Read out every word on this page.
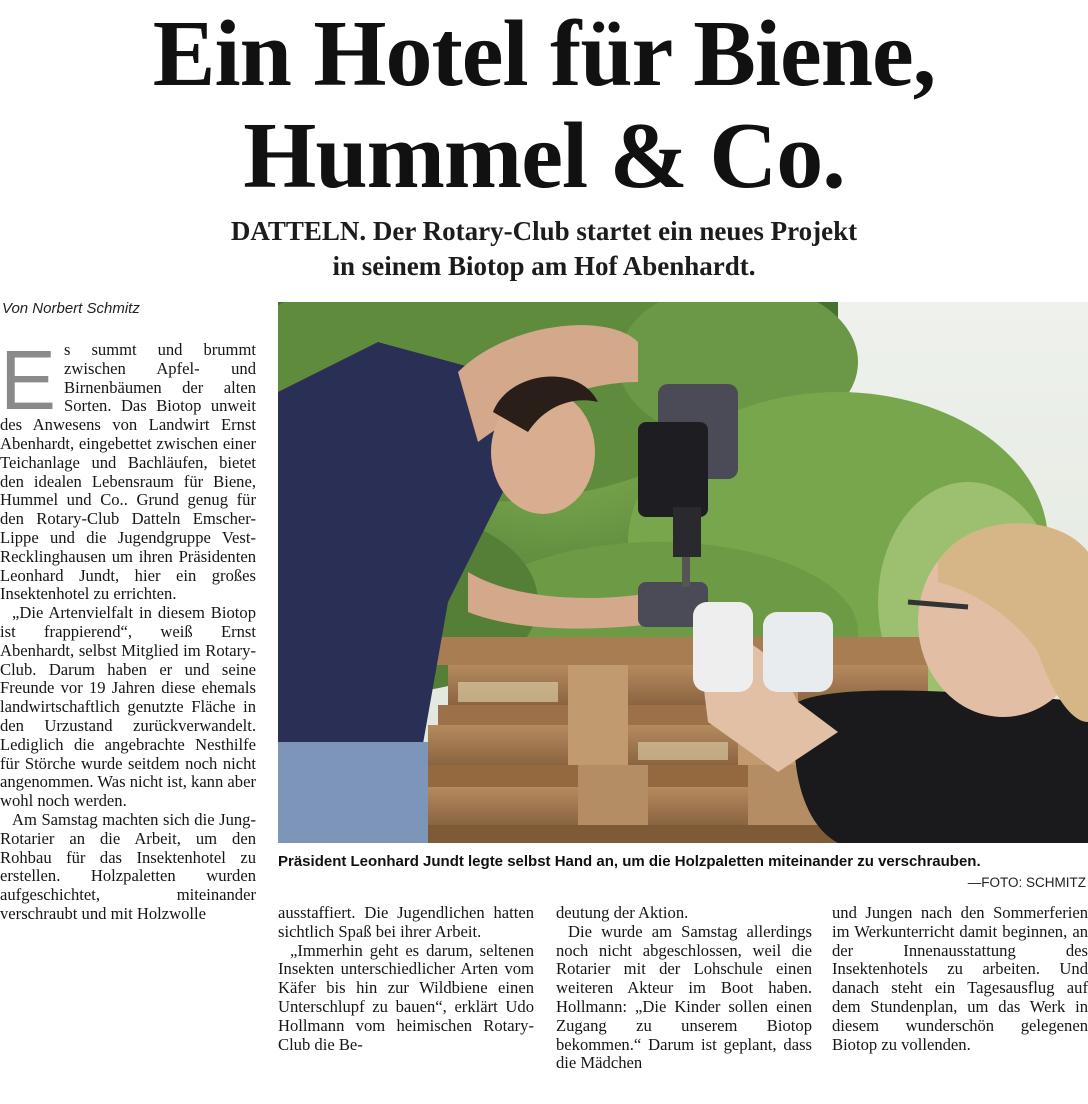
Ein Hotel für Biene,
Hummel & Co.
DATTELN. Der Rotary-Club startet ein neues Projekt
in seinem Biotop am Hof Abenhardt.
Von Norbert Schmitz
E s summt und brummt zwischen Apfel- und Birnenbäumen der alten Sorten. Das Biotop unweit des Anwesens von Landwirt Ernst Abenhardt, eingebettet zwischen einer Teichanlage und Bachläufen, bietet den idealen Lebensraum für Biene, Hummel und Co.. Grund genug für den Rotary-Club Datteln Emscher-Lippe und die Jugendgruppe Vest-Recklinghausen um ihren Präsidenten Leonhard Jundt, hier ein großes Insektenhotel zu errichten.

„Die Artenvielfalt in diesem Biotop ist frappierend“, weiß Ernst Abenhardt, selbst Mitglied im Rotary-Club. Darum haben er und seine Freunde vor 19 Jahren diese ehemals landwirtschaftlich genutzte Fläche in den Urzustand zurückverwandelt. Lediglich die angebrachte Nesthilfe für Störche wurde seitdem noch nicht angenommen. Was nicht ist, kann aber wohl noch werden.

Am Samstag machten sich die Jung-Rotarier an die Arbeit, um den Rohbau für das Insektenhotel zu erstellen. Holzpaletten wurden aufgeschichtet, miteinander verschraubt und mit Holzwolle

Präsident Leonhard Jundt legte selbst Hand an, um die Holzpaletten miteinander zu verschrauben.
—FOTO: SCHMITZ

ausstaffiert. Die Jugendlichen hatten sichtlich Spaß bei ihrer Arbeit.

„Immerhin geht es darum, seltenen Insekten unterschiedlicher Arten vom Käfer bis hin zur Wildbiene einen Unterschlupf zu bauen“, erklärt Udo Hollmann vom heimischen Rotary-Club die Be-

deutung der Aktion.

Die wurde am Samstag allerdings noch nicht abgeschlossen, weil die Rotarier mit der Lohschule einen weiteren Akteur im Boot haben. Hollmann: „Die Kinder sollen einen Zugang zu unserem Biotop bekommen.“ Darum ist geplant, dass die Mädchen

und Jungen nach den Sommerferien im Werkunterricht damit beginnen, an der Innenausstattung des Insektenhotels zu arbeiten. Und danach steht ein Tagesausflug auf dem Stundenplan, um das Werk in diesem wunderschön gelegenen Biotop zu vollenden.
